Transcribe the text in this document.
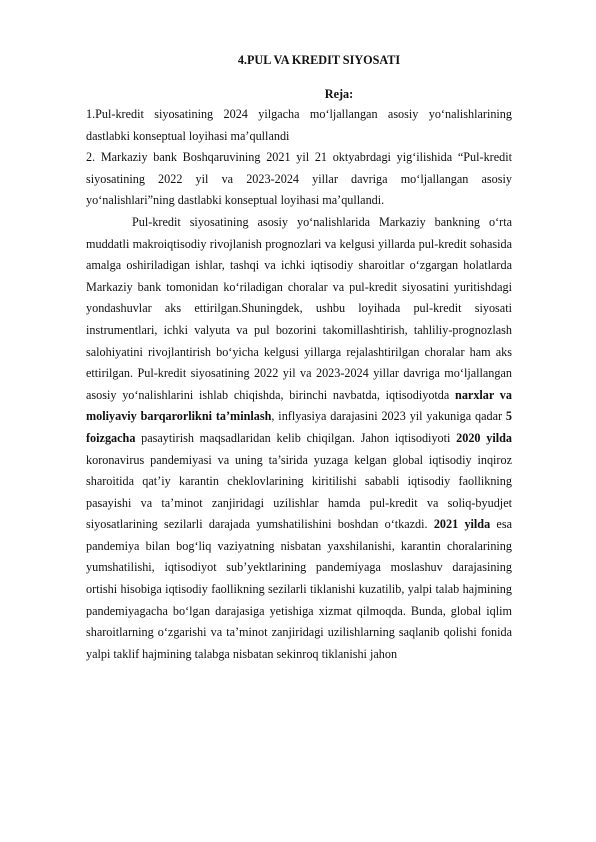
4.PUL VA KREDIT SIYOSATI

Reja:

1.Pul-kredit siyosatining 2024 yilgacha mo‘ljallangan asosiy yo‘nalishlarining dastlabki konseptual loyihasi ma’qullandi

2. Markaziy bank Boshqaruvining 2021 yil 21 oktyabrdagi yig‘ilishida “Pul-kredit siyosatining 2022 yil va 2023-2024 yillar davriga mo‘ljallangan asosiy yo‘nalishlari”ning dastlabki konseptual loyihasi ma’qullandi.

Pul-kredit siyosatining asosiy yo‘nalishlarida Markaziy bankning o‘rta muddatli makroiqtisodiy rivojlanish prognozlari va kelgusi yillarda pul-kredit sohasida amalga oshiriladigan ishlar, tashqi va ichki iqtisodiy sharoitlar o‘zgargan holatlarda Markaziy bank tomonidan ko‘riladigan choralar va pul-kredit siyosatini yuritishdagi yondashuvlar aks ettirilgan.Shuningdek, ushbu loyihada pul-kredit siyosati instrumentlari, ichki valyuta va pul bozorini takomillashtirish, tahliliy-prognozlash salohiyatini rivojlantirish bo‘yicha kelgusi yillarga rejalashtirilgan choralar ham aks ettirilgan. Pul-kredit siyosatining 2022 yil va 2023-2024 yillar davriga mo‘ljallangan asosiy yo‘nalishlarini ishlab chiqishda, birinchi navbatda, iqtisodiyotda narxlar va moliyaviy barqarorlikni ta’minlash, inflyasiya darajasini 2023 yil yakuniga qadar 5 foizgacha pasaytirish maqsadlaridan kelib chiqilgan. Jahon iqtisodiyoti 2020 yilda koronavirus pandemiyasi va uning ta’sirida yuzaga kelgan global iqtisodiy inqiroz sharoitida qat’iy karantin cheklovlarining kiritilishi sababli iqtisodiy faollikning pasayishi va ta’minot zanjiridagi uzilishlar hamda pul-kredit va soliq-byudjet siyosatlarining sezilarli darajada yumshatilishini boshdan o‘tkazdi. 2021 yilda esa pandemiya bilan bog‘liq vaziyatning nisbatan yaxshilanishi, karantin choralarining yumshatilishi, iqtisodiyot sub’yektlarining pandemiyaga moslashuv darajasining ortishi hisobiga iqtisodiy faollikning sezilarli tiklanishi kuzatilib, yalpi talab hajmining pandemiyagacha bo‘lgan darajasiga yetishiga xizmat qilmoqda. Bunda, global iqlim sharoitlarning o‘zgarishi va ta’minot zanjiridagi uzilishlarning saqlanib qolishi fonida yalpi taklif hajmining talabga nisbatan sekinroq tiklanishi jahon
